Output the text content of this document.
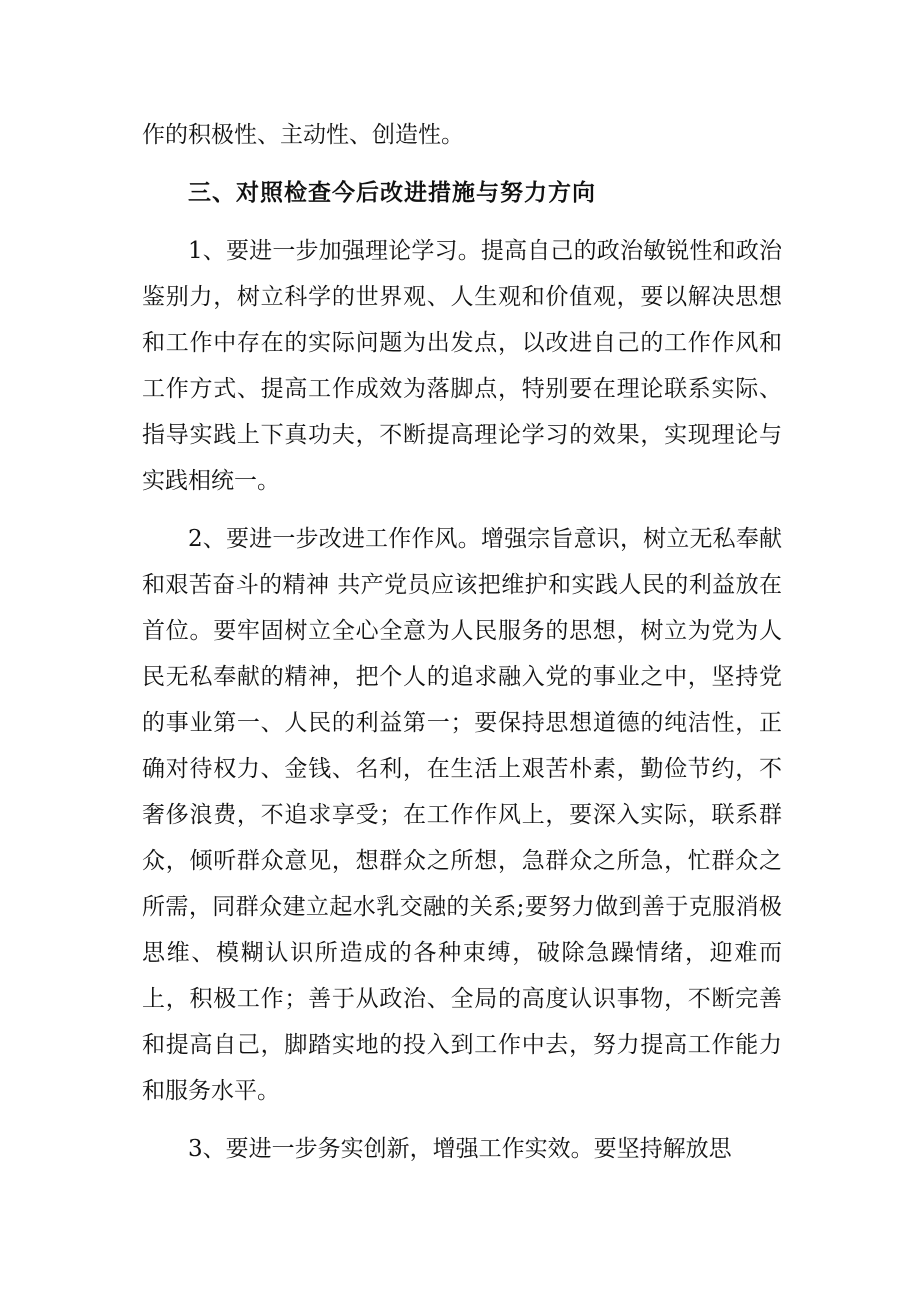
作的积极性、主动性、创造性。

三、对照检查今后改进措施与努力方向

1、要进一步加强理论学习。提高自己的政治敏锐性和政治鉴别力，树立科学的世界观、人生观和价值观，要以解决思想和工作中存在的实际问题为出发点，以改进自己的工作作风和工作方式、提高工作成效为落脚点，特别要在理论联系实际、指导实践上下真功夫，不断提高理论学习的效果，实现理论与实践相统一。

2、要进一步改进工作作风。增强宗旨意识，树立无私奉献和艰苦奋斗的精神 共产党员应该把维护和实践人民的利益放在首位。要牢固树立全心全意为人民服务的思想，树立为党为人民无私奉献的精神，把个人的追求融入党的事业之中，坚持党的事业第一、人民的利益第一；要保持思想道德的纯洁性，正确对待权力、金钱、名利，在生活上艰苦朴素，勤俭节约，不奢侈浪费，不追求享受；在工作作风上，要深入实际，联系群众，倾听群众意见，想群众之所想，急群众之所急，忙群众之所需，同群众建立起水乳交融的关系;要努力做到善于克服消极思维、模糊认识所造成的各种束缚，破除急躁情绪，迎难而上，积极工作；善于从政治、全局的高度认识事物，不断完善和提高自己，脚踏实地的投入到工作中去，努力提高工作能力和服务水平。

3、要进一步务实创新，增强工作实效。要坚持解放思
